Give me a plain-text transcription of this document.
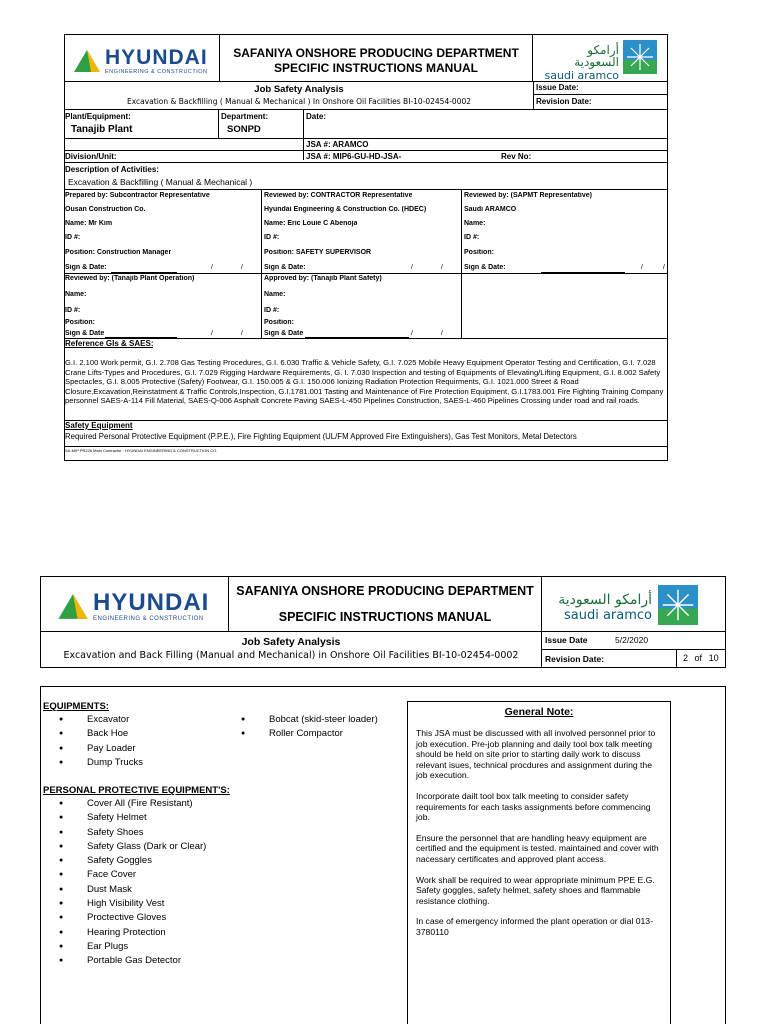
HYUNDAI
ENGINEERING & CONSTRUCTION
SAFANIYA ONSHORE PRODUCING DEPARTMENT
SPECIFIC INSTRUCTIONS MANUAL
أرامكو السعودية
saudi aramco
Job Safety Analysis
Excavation & Backfilling ( Manual & Mechanical ) In Onshore Oil Facilities BI-10-02454-0002
Issue Date:
Revision Date:
Plant/Equipment:
Tanajib Plant
Department:
SONPD
Date:
JSA #: ARAMCO
Division/Unit:	JSA #: MIP6-GU-HD-JSA-	Rev No:
Description of Activities:
Excavation & Backfilling ( Manual & Mechanical )
Prepared by: Subcontractor Representative
Ousan Construction Co.
Name: Mr Kim
ID #:
Position: Construction Manager
Sign & Date:	/	/
Reviewed by: CONTRACTOR Representative
Hyundai Engineering & Construction Co. (HDEC)
Name: Eric Louie C Abenoja
ID #:
Position: SAFETY SUPERVISOR
Sign & Date:	/	/
Reviewed by: (SAPMT Representative)
Saudi ARAMCO
Name:
ID #:
Position:
Sign & Date:	/	/
Reviewed by: (Tanajib Plant Operation)
Name:
ID #:
Position:
Sign & Date	/	/
Approved by: (Tanajib Plant Safety)
Name:
ID #:
Position:
Sign & Date	/	/
Reference GIs & SAES:
G.I. 2.100 Work permit, G.I. 2.708 Gas Testing Procedures, G.I. 6.030 Traffic & Vehicle Safety, G.I. 7.025 Mobile Heavy Equipment Operator Testing and Certification, G.I. 7.028 Crane Lifts-Types and Procedures, G.I. 7.029 Rigging Hardware Requirements, G. I. 7.030 Inspection and testing of Equipments of Elevating/Lifting Equipment, G.I. 8.002 Safety Spectacles, G.I. 8.005 Protective (Safety) Footwear, G.I. 150.005 & G.I. 150.006 Ionizing Radiation Protection Requirments, G.I. 1021.000 Street & Road Closure,Excavation,Reinstatment & Traffic Controls,Inspection, G.I.1781.001 Tasting and Maintenance of Fire Protection Equipment, G.I.1783.001 Fire Fighting Training Company personnel SAES-A-114 Fill Material, SAES-Q-006 Asphalt Concrete Paving SAES-L-450 Pipelines Construction, SAES-L-460 Pipelines Crossing under road and rail roads.
Safety Equipment
Required Personal Protective Equipment (P.P.E.), Fire Fighting Equipment (UL/FM Approved Fire Extinguishers), Gas Test Monitors, Metal Detectors
SA-MIP PR226 Main Contractor : HYUNDAI ENGINEERING & CONSTRUCTION CO.
HYUNDAI
ENGINEERING & CONSTRUCTION
SAFANIYA ONSHORE PRODUCING DEPARTMENT
SPECIFIC INSTRUCTIONS MANUAL
أرامكو السعودية
saudi aramco
Job Safety Analysis
Excavation and Back Filling (Manual and Mechanical) in Onshore Oil Facilities BI-10-02454-0002
Issue Date	5/2/2020
Revision Date:	2 of 10
EQUIPMENTS:
● Excavator
● Back Hoe
● Pay Loader
● Dump Trucks
● Bobcat (skid-steer loader)
● Roller Compactor
PERSONAL PROTECTIVE EQUIPMENT'S:
● Cover All (Fire Resistant)
● Safety Helmet
● Safety Shoes
● Safety Glass (Dark or Clear)
● Safety Goggles
● Face Cover
● Dust Mask
● High Visibility Vest
● Proctective Gloves
● Hearing Protection
● Ear Plugs
● Portable Gas Detector
General Note:

This JSA must be discussed with all involved personnel prior to job execution. Pre-job planning and daily tool box talk meeting should be held on site prior to starting daily work to discuss relevant isues, technical procdures and assignment during the job execution.

Incorporate dailt tool box talk meeting to consider safety requirements for each tasks assignments before commencing job.

Ensure the personnel that are handling heavy equipment are certified and the equipment is tested. maintained and cover with nacessary certificates and approved plant access.

Work shall be required to wear appropriate minimum PPE E.G. Safety goggles, safety helmet, safety shoes and flammable resistance clothing.

In case of emergency informed the plant operation or dial 013-3780110
